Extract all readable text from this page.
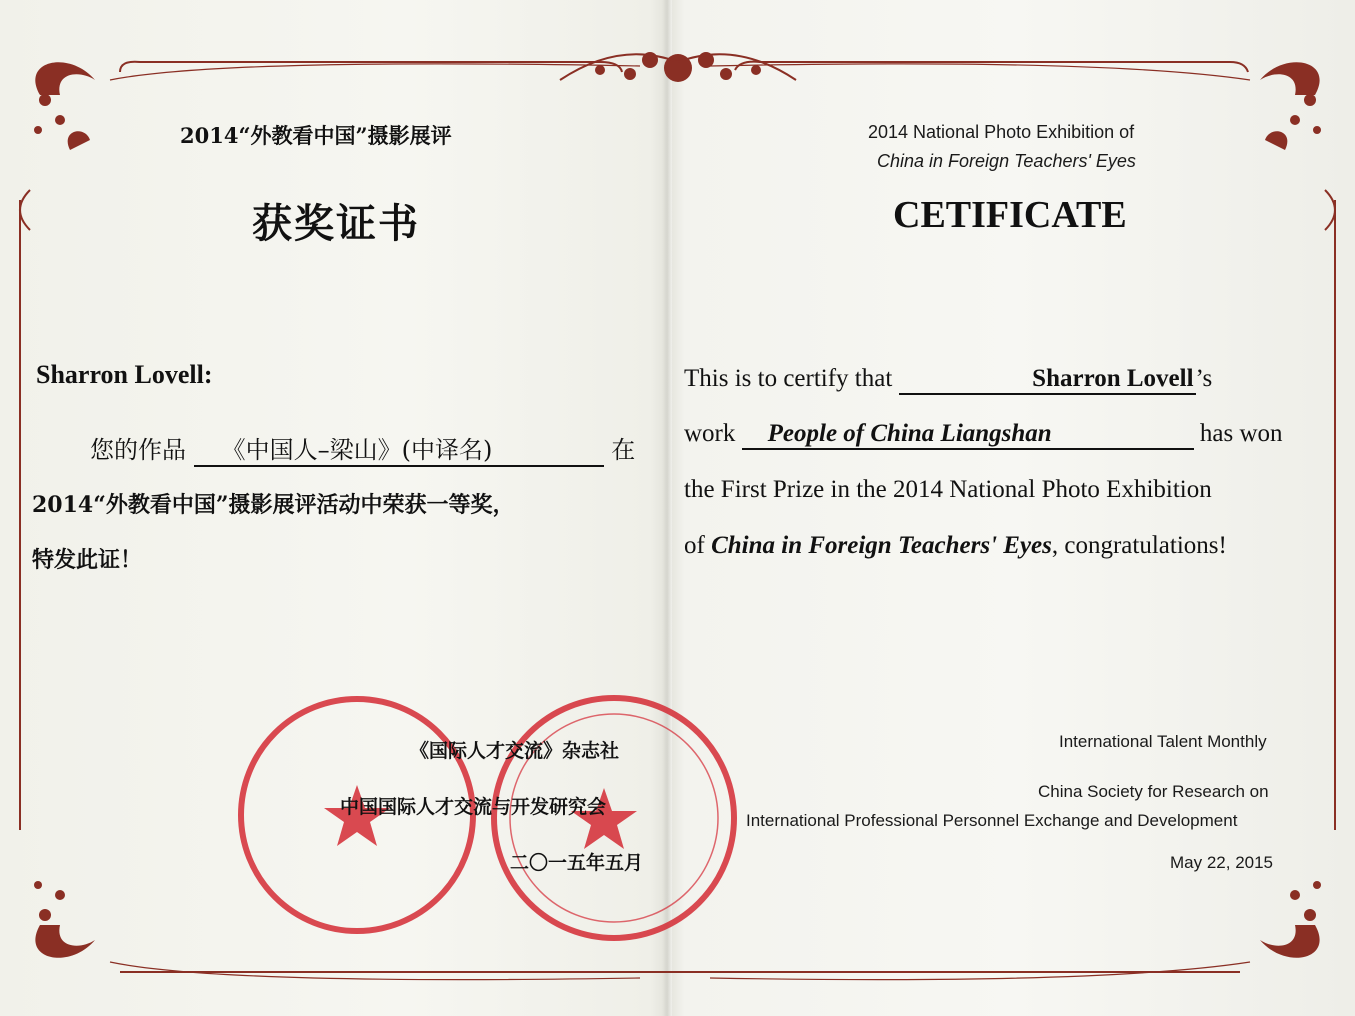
2014“外教看中国”摄影展评
获奖证书
Sharron Lovell:
您的作品 《中国人–梁山》(中译名)	在
2014“外教看中国”摄影展评活动中荣获一等奖，
特发此证！
2014 National Photo Exhibition of
China in Foreign Teachers' Eyes
CETIFICATE
This is to certify that	Sharron Lovell’s
work People of China Liangshan	has won
the First Prize in the 2014 National Photo Exhibition
of China in Foreign Teachers' Eyes, congratulations!
《国际人才交流》杂志社
中国国际人才交流与开发研究会
二〇一五年五月
International Talent Monthly
China Society for Research on
International Professional Personnel Exchange and Development
May 22, 2015
